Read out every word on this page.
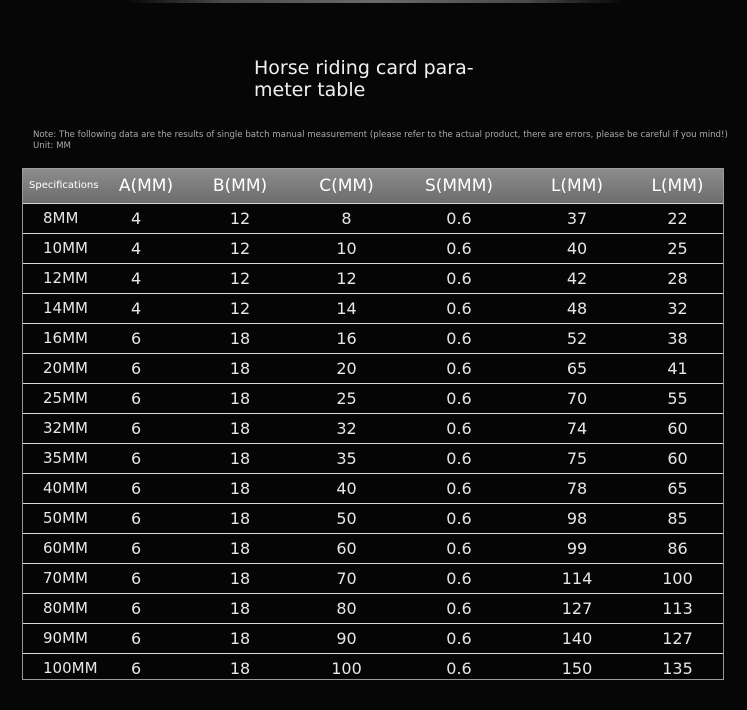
Horse riding card para-
meter table
Note: The following data are the results of single batch manual measurement (please refer to the actual product, there are errors, please be careful if you mind!) Unit: MM
Specifications	A(MM)	B(MM)	C(MM)	S(MMM)	L(MM)	L(MM)
8MM	4	12	8	0.6	37	22
10MM	4	12	10	0.6	40	25
12MM	4	12	12	0.6	42	28
14MM	4	12	14	0.6	48	32
16MM	6	18	16	0.6	52	38
20MM	6	18	20	0.6	65	41
25MM	6	18	25	0.6	70	55
32MM	6	18	32	0.6	74	60
35MM	6	18	35	0.6	75	60
40MM	6	18	40	0.6	78	65
50MM	6	18	50	0.6	98	85
60MM	6	18	60	0.6	99	86
70MM	6	18	70	0.6	114	100
80MM	6	18	80	0.6	127	113
90MM	6	18	90	0.6	140	127
100MM	6	18	100	0.6	150	135
